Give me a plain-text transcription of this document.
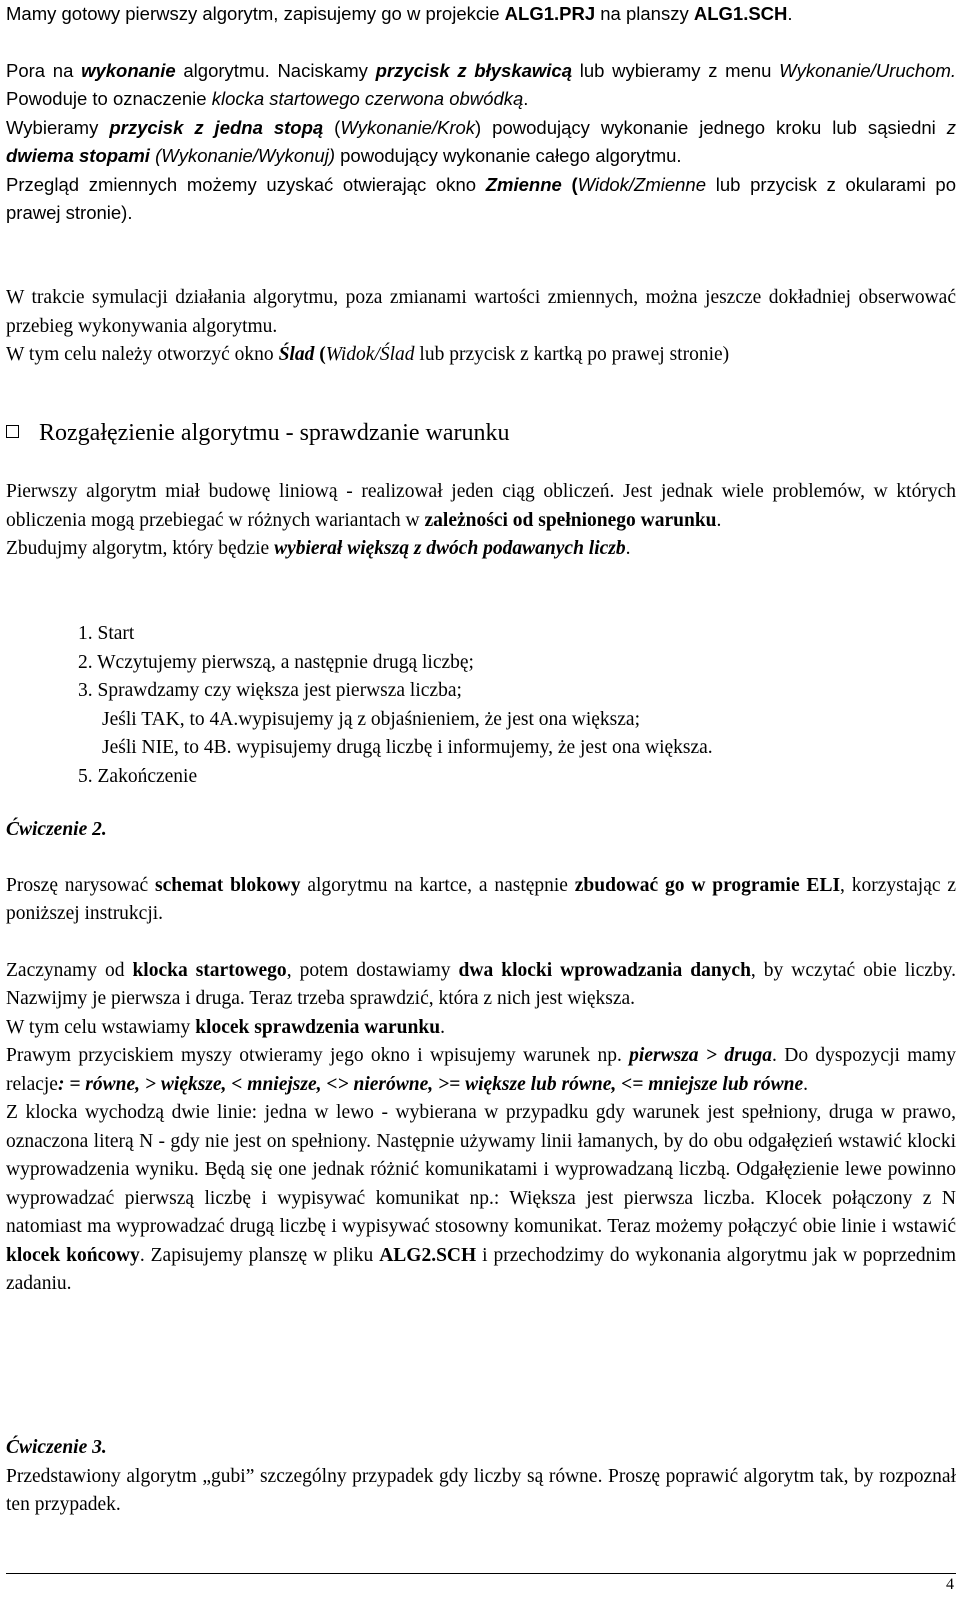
Mamy gotowy pierwszy algorytm, zapisujemy go w projekcie ALG1.PRJ na planszy ALG1.SCH.

Pora na wykonanie algorytmu. Naciskamy przycisk z błyskawicą lub wybieramy z menu Wykonanie/Uruchom. Powoduje to oznaczenie klocka startowego czerwona obwódką.

Wybieramy przycisk z jedna stopą (Wykonanie/Krok) powodujący wykonanie jednego kroku lub sąsiedni z dwiema stopami (Wykonanie/Wykonuj) powodujący wykonanie całego algorytmu.

Przegląd zmiennych możemy uzyskać otwierając okno Zmienne (Widok/Zmienne lub przycisk z okularami po prawej stronie).

W trakcie symulacji działania algorytmu, poza zmianami wartości zmiennych, można jeszcze dokładniej obserwować przebieg wykonywania algorytmu.

W tym celu należy otworzyć okno Ślad (Widok/Ślad lub przycisk z kartką po prawej stronie)

Rozgałęzienie algorytmu - sprawdzanie warunku

Pierwszy algorytm miał budowę liniową - realizował jeden ciąg obliczeń. Jest jednak wiele problemów, w których obliczenia mogą przebiegać w różnych wariantach w zależności od spełnionego warunku.

Zbudujmy algorytm, który będzie wybierał większą z dwóch podawanych liczb.

1. Start

2. Wczytujemy pierwszą, a następnie drugą liczbę;

3. Sprawdzamy czy większa jest pierwsza liczba;

Jeśli TAK, to 4A.wypisujemy ją z objaśnieniem, że jest ona większa;

Jeśli NIE, to 4B. wypisujemy drugą liczbę i informujemy, że jest ona większa.

5. Zakończenie

Ćwiczenie 2.

Proszę narysować schemat blokowy algorytmu na kartce, a następnie zbudować go w programie ELI, korzystając z poniższej instrukcji.

Zaczynamy od klocka startowego, potem dostawiamy dwa klocki wprowadzania danych, by wczytać obie liczby. Nazwijmy je pierwsza i druga. Teraz trzeba sprawdzić, która z nich jest większa.

W tym celu wstawiamy klocek sprawdzenia warunku.

Prawym przyciskiem myszy otwieramy jego okno i wpisujemy warunek np. pierwsza > druga. Do dyspozycji mamy relacje: = równe, > większe, < mniejsze, <> nierówne, >= większe lub równe, <= mniejsze lub równe.

Z klocka wychodzą dwie linie: jedna w lewo - wybierana w przypadku gdy warunek jest spełniony, druga w prawo, oznaczona literą N - gdy nie jest on spełniony. Następnie używamy linii łamanych, by do obu odgałęzień wstawić klocki wyprowadzenia wyniku. Będą się one jednak różnić komunikatami i wyprowadzaną liczbą. Odgałęzienie lewe powinno wyprowadzać pierwszą liczbę i wypisywać komunikat np.: Większa jest pierwsza liczba. Klocek połączony z N natomiast ma wyprowadzać drugą liczbę i wypisywać stosowny komunikat. Teraz możemy połączyć obie linie i wstawić klocek końcowy. Zapisujemy planszę w pliku ALG2.SCH i przechodzimy do wykonania algorytmu jak w poprzednim zadaniu.

Ćwiczenie 3.

Przedstawiony algorytm „gubi” szczególny przypadek gdy liczby są równe. Proszę poprawić algorytm tak, by rozpoznał ten przypadek.

4
